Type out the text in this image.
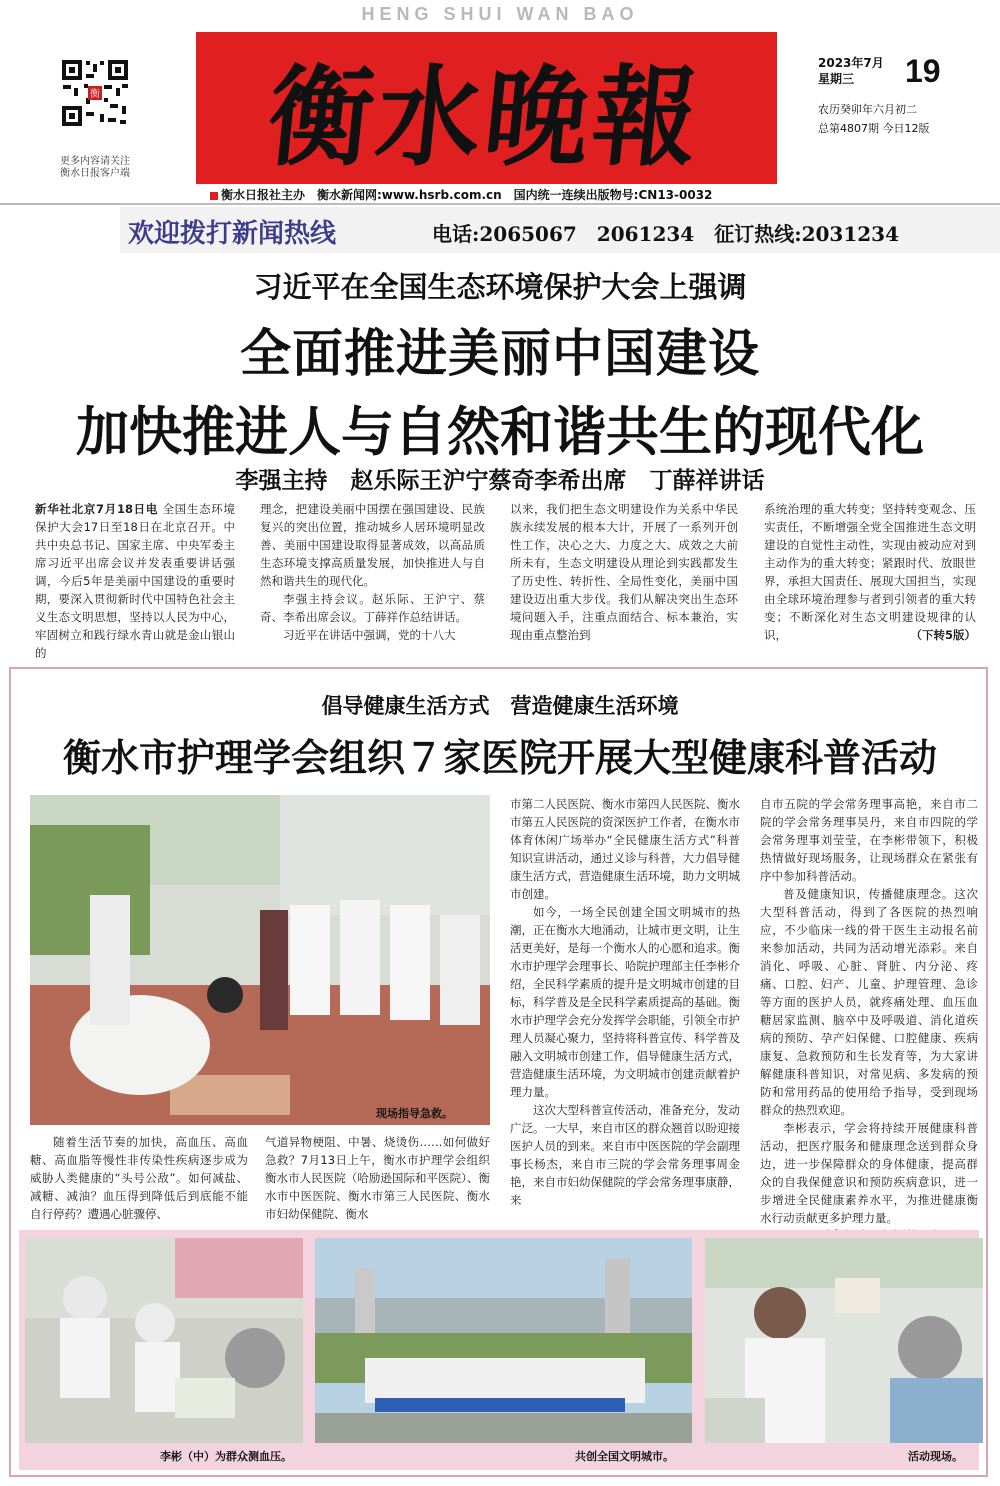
HENG SHUI WAN BAO
衡
更多内容请关注
衡水日报客户端 衡水晚報
衡水日报社主办　衡水新闻网:www.hsrb.com.cn　国内统一连续出版物号:CN13-0032
2023年7月
星期三	19
农历癸卯年六月初二
总第4807期 今日12版
欢迎拨打新闻热线	电话:2065067　2061234　征订热线:2031234
习近平在全国生态环境保护大会上强调
全面推进美丽中国建设
加快推进人与自然和谐共生的现代化
李强主持　赵乐际王沪宁蔡奇李希出席　丁薛祥讲话
新华社北京7月18日电 全国生态环境保护大会17日至18日在北京召开。中共中央总书记、国家主席、中央军委主席习近平出席会议并发表重要讲话强调，今后5年是美丽中国建设的重要时期，要深入贯彻新时代中国特色社会主义生态文明思想，坚持以人民为中心，牢固树立和践行绿水青山就是金山银山的
理念，把建设美丽中国摆在强国建设、民族复兴的突出位置，推动城乡人居环境明显改善、美丽中国建设取得显著成效，以高品质生态环境支撑高质量发展，加快推进人与自然和谐共生的现代化。
李强主持会议。赵乐际、王沪宁、蔡奇、李希出席会议。丁薛祥作总结讲话。
习近平在讲话中强调，党的十八大
以来，我们把生态文明建设作为关系中华民族永续发展的根本大计，开展了一系列开创性工作，决心之大、力度之大、成效之大前所未有，生态文明建设从理论到实践都发生了历史性、转折性、全局性变化，美丽中国建设迈出重大步伐。我们从解决突出生态环境问题入手，注重点面结合、标本兼治，实现由重点整治到
系统治理的重大转变；坚持转变观念、压实责任，不断增强全党全国推进生态文明建设的自觉性主动性，实现由被动应对到主动作为的重大转变；紧跟时代、放眼世界，承担大国责任、展现大国担当，实现由全球环境治理参与者到引领者的重大转变；不断深化对生态文明建设规律的认识，	（下转5版）
倡导健康生活方式　营造健康生活环境
衡水市护理学会组织７家医院开展大型健康科普活动
现场指导急救。
随着生活节奏的加快，高血压、高血糖、高血脂等慢性非传染性疾病逐步成为威胁人类健康的“头号公敌”。如何减盐、减糖、减油？血压得到降低后到底能不能自行停药？遭遇心脏骤停、
气道异物梗阻、中暑、烧烫伤……如何做好急救？7月13日上午，衡水市护理学会组织衡水市人民医院（哈励逊国际和平医院）、衡水市中医医院、衡水市第三人民医院、衡水市妇幼保健院、衡水
市第二人民医院、衡水市第四人民医院、衡水市第五人民医院的资深医护工作者，在衡水市体育休闲广场举办“全民健康生活方式”科普知识宣讲活动，通过义诊与科普，大力倡导健康生活方式，营造健康生活环境，助力文明城市创建。
如今，一场全民创建全国文明城市的热潮，正在衡水大地涌动，让城市更文明，让生活更美好，是每一个衡水人的心愿和追求。衡水市护理学会理事长、哈院护理部主任李彬介绍，全民科学素质的提升是文明城市创建的目标，科学普及是全民科学素质提高的基础。衡水市护理学会充分发挥学会职能，引领全市护理人员凝心聚力，坚持将科普宣传、科学普及融入文明城市创建工作，倡导健康生活方式，营造健康生活环境，为文明城市创建贡献着护理力量。
这次大型科普宣传活动，准备充分，发动广泛。一大早，来自市区的群众翘首以盼迎接医护人员的到来。来自市中医医院的学会副理事长杨杰，来自市三院的学会常务理事周金艳，来自市妇幼保健院的学会常务理事康静，来
自市五院的学会常务理事高艳，来自市二院的学会常务理事吴丹，来自市四院的学会常务理事刘莹莹，在李彬带领下，积极热情做好现场服务，让现场群众在紧张有序中参加科普活动。
普及健康知识，传播健康理念。这次大型科普活动，得到了各医院的热烈响应，不少临床一线的骨干医生主动报名前来参加活动，共同为活动增光添彩。来自消化、呼吸、心脏、肾脏、内分泌、疼痛、口腔、妇产、儿童、护理管理、急诊等方面的医护人员，就疼痛处理、血压血糖居家监测、脑卒中及呼吸道、消化道疾病的预防、孕产妇保健、口腔健康、疾病康复、急救预防和生长发育等，为大家讲解健康科普知识，对常见病、多发病的预防和常用药品的使用给予指导，受到现场群众的热烈欢迎。
李彬表示，学会将持续开展健康科普活动，把医疗服务和健康理念送到群众身边，进一步保障群众的身体健康，提高群众的自我保健意识和预防疾病意识，进一步增进全民健康素养水平，为推进健康衡水行动贡献更多护理力量。
李彬（中）为群众测血压。	共创全国文明城市。	活动现场。
